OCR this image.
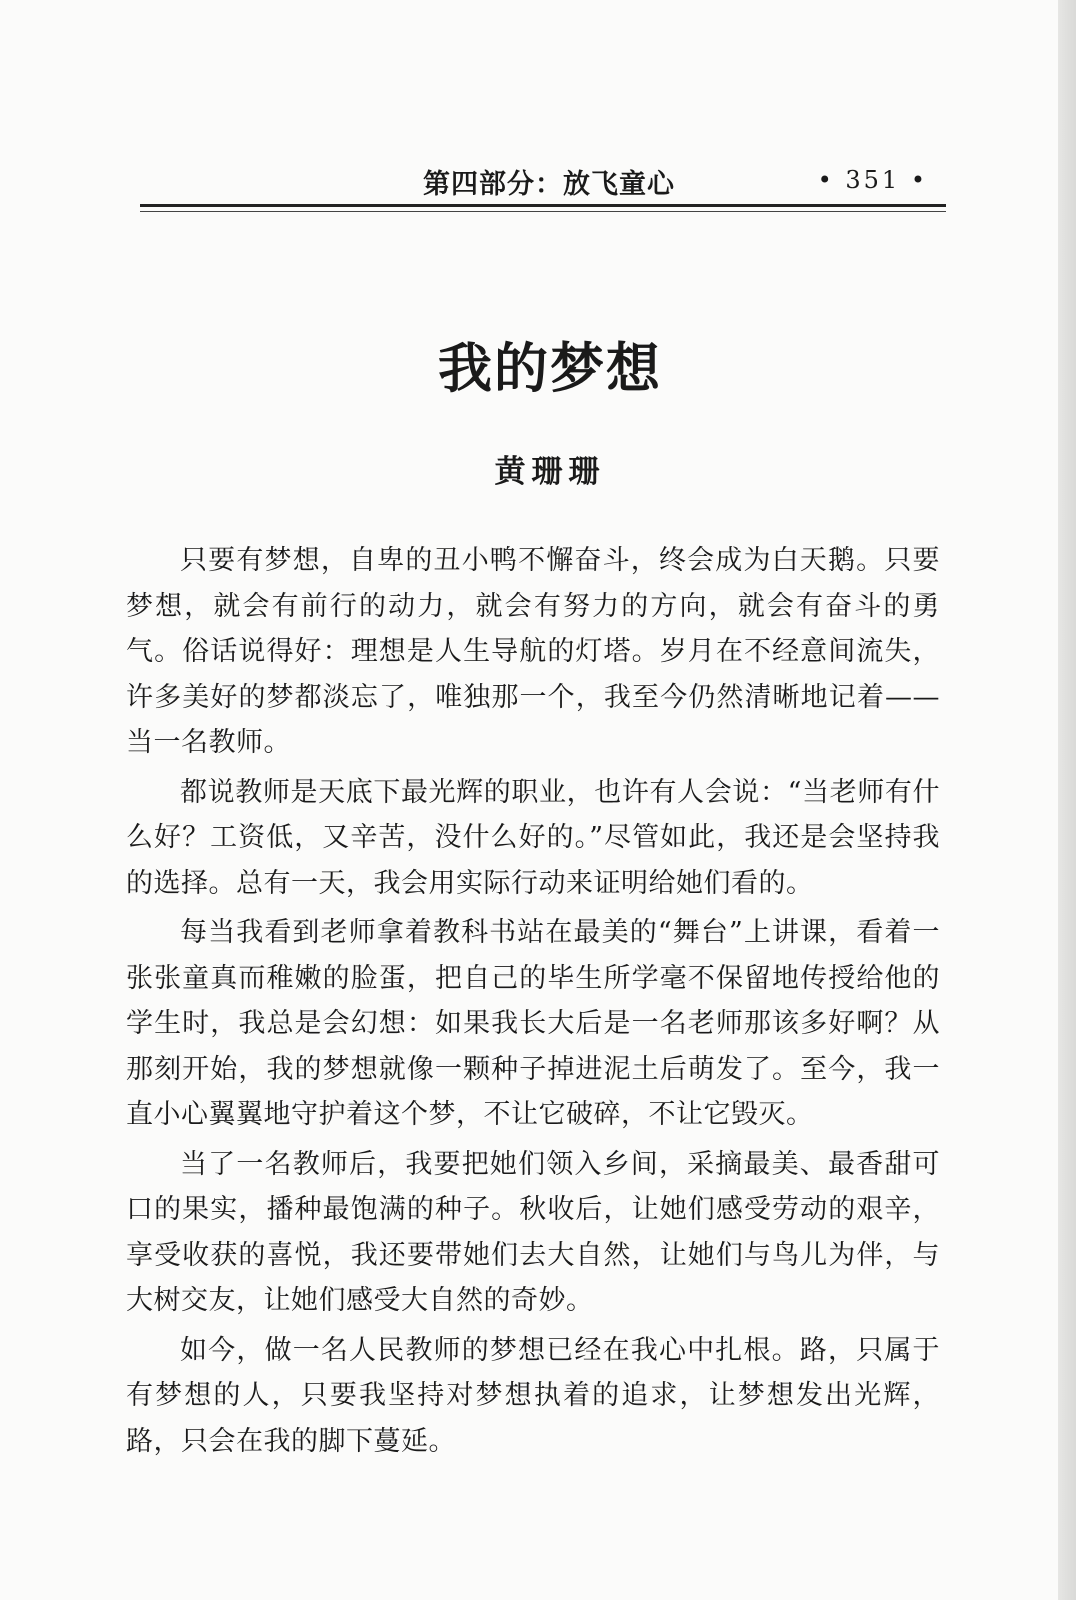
第四部分：放飞童心	• 351 •
我的梦想
黄珊珊

只要有梦想，自卑的丑小鸭不懈奋斗，终会成为白天鹅。只要梦想，就会有前行的动力，就会有努力的方向，就会有奋斗的勇气。俗话说得好：理想是人生导航的灯塔。岁月在不经意间流失，许多美好的梦都淡忘了，唯独那一个，我至今仍然清晰地记着——当一名教师。

都说教师是天底下最光辉的职业，也许有人会说：“当老师有什么好？工资低，又辛苦，没什么好的。”尽管如此，我还是会坚持我的选择。总有一天，我会用实际行动来证明给她们看的。

每当我看到老师拿着教科书站在最美的“舞台”上讲课，看着一张张童真而稚嫩的脸蛋，把自己的毕生所学毫不保留地传授给他的学生时，我总是会幻想：如果我长大后是一名老师那该多好啊？从那刻开始，我的梦想就像一颗种子掉进泥土后萌发了。至今，我一直小心翼翼地守护着这个梦，不让它破碎，不让它毁灭。

当了一名教师后，我要把她们领入乡间，采摘最美、最香甜可口的果实，播种最饱满的种子。秋收后，让她们感受劳动的艰辛，享受收获的喜悦，我还要带她们去大自然，让她们与鸟儿为伴，与大树交友，让她们感受大自然的奇妙。

如今，做一名人民教师的梦想已经在我心中扎根。路，只属于有梦想的人，只要我坚持对梦想执着的追求，让梦想发出光辉，路，只会在我的脚下蔓延。
